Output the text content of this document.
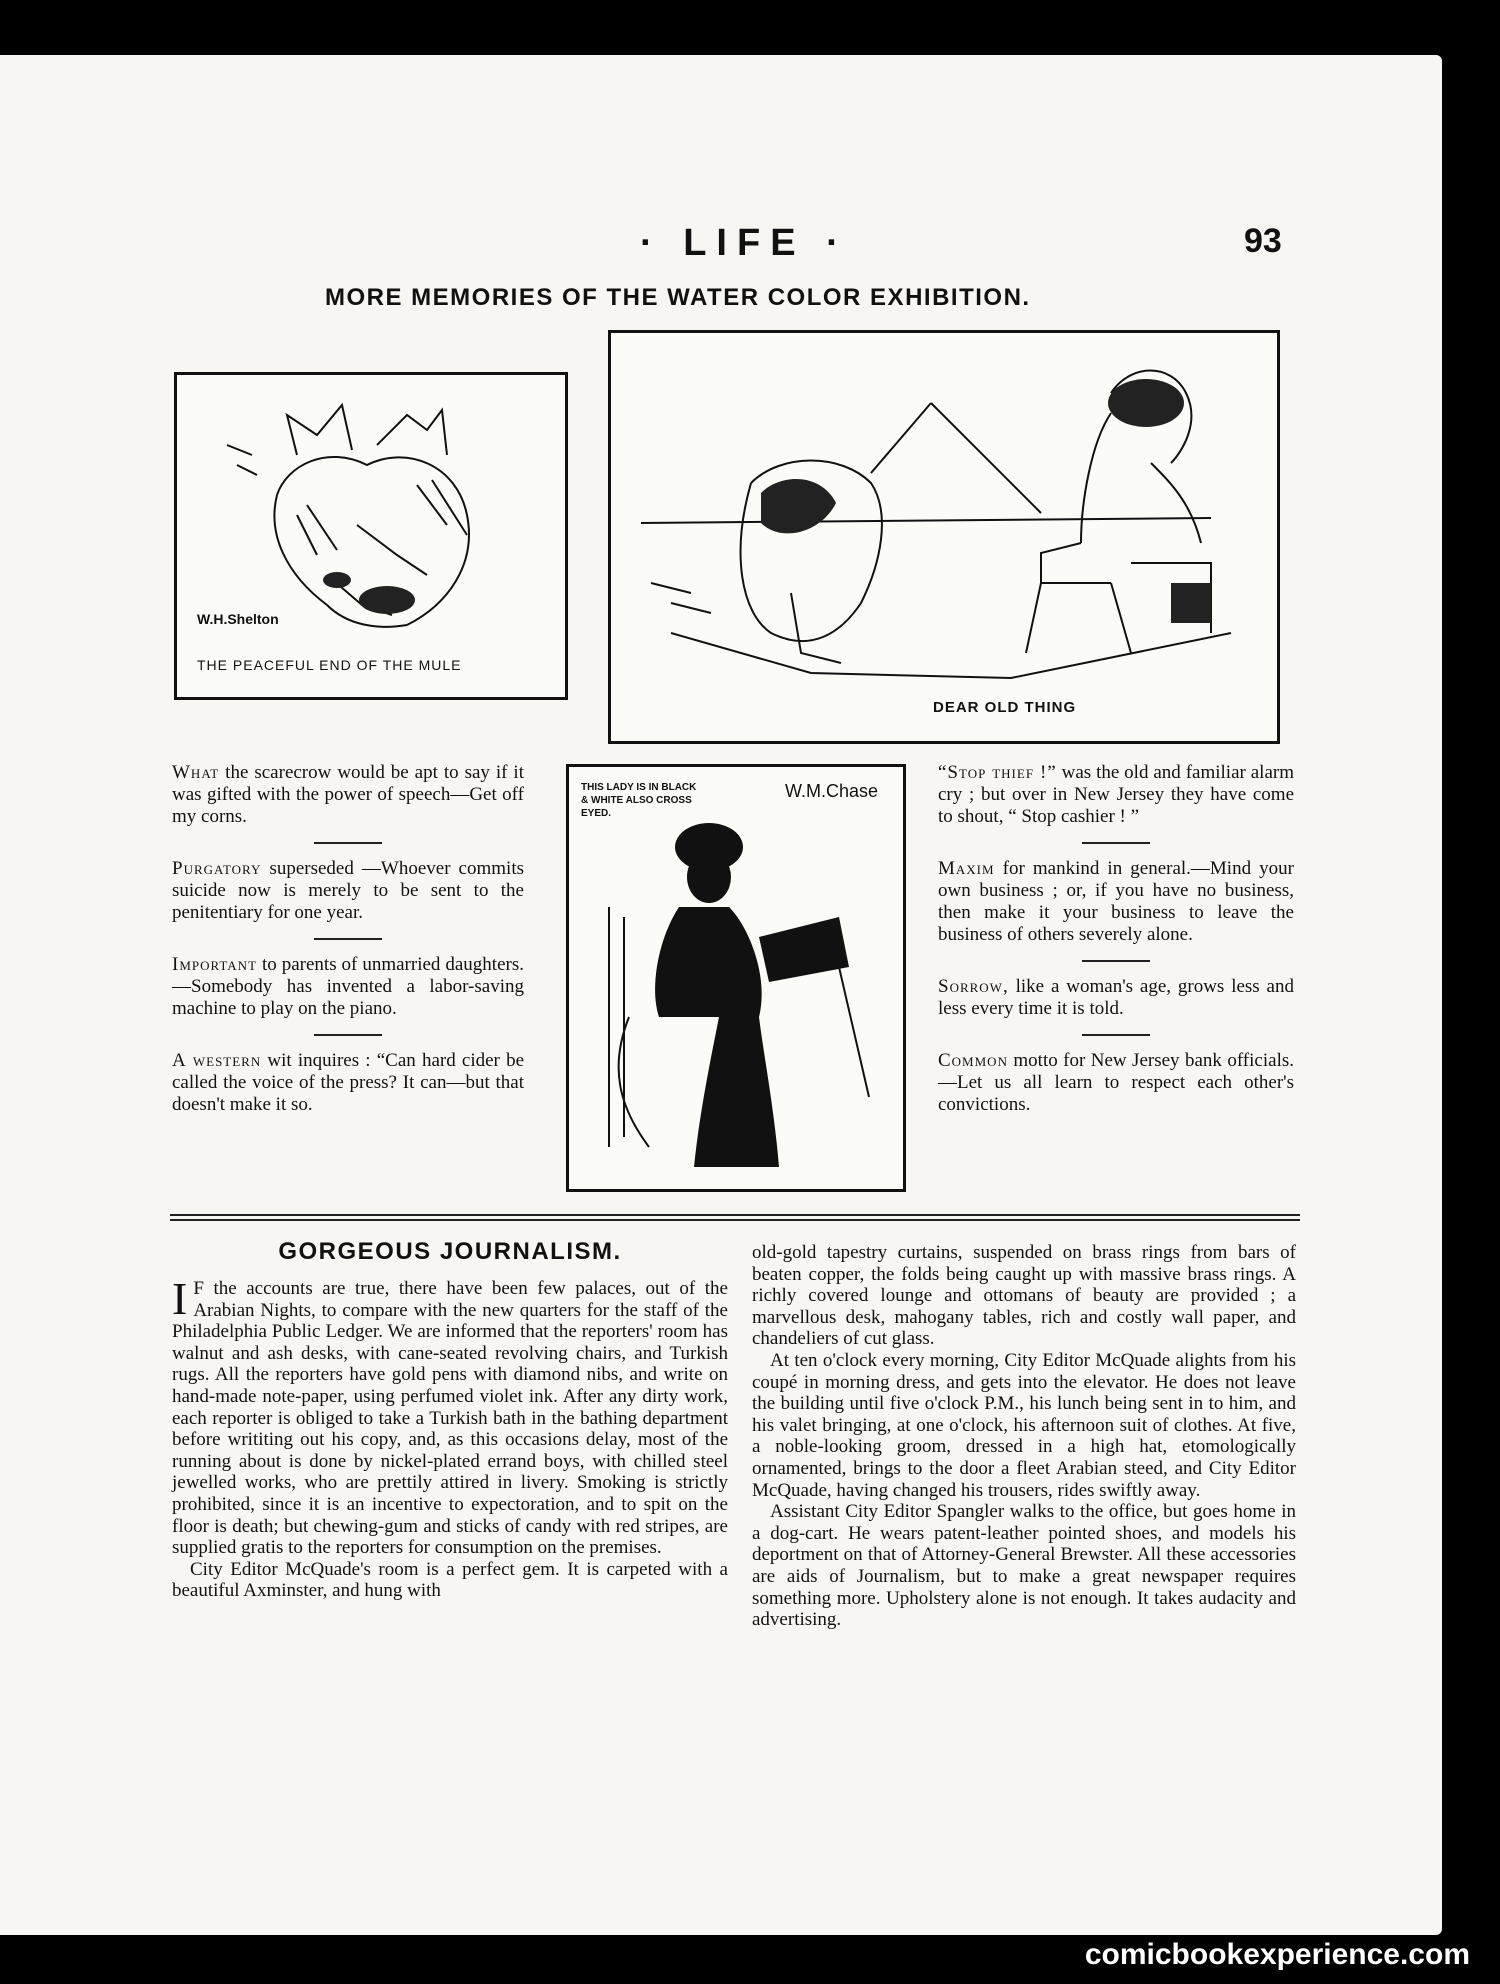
· LIFE ·	93
MORE MEMORIES OF THE WATER COLOR EXHIBITION.
W.H.Shelton
THE PEACEFUL END OF THE MULE
DEAR OLD THING

What the scarecrow would be apt to say if it was gifted with the power of speech—Get off my corns.

Purgatory superseded —Whoever commits suicide now is merely to be sent to the penitentiary for one year.

Important to parents of unmarried daughters.—Somebody has invented a labor-saving machine to play on the piano.

A western wit inquires : “Can hard cider be called the voice of the press? It can—but that doesn't make it so.

THIS LADY IS IN BLACK & WHITE ALSO CROSS EYED.
W.M.Chase

“Stop thief !” was the old and familiar alarm cry ; but over in New Jersey they have come to shout, “ Stop cashier ! ”

Maxim for mankind in general.—Mind your own business ; or, if you have no business, then make it your business to leave the business of others severely alone.

Sorrow, like a woman's age, grows less and less every time it is told.

Common motto for New Jersey bank officials.—Let us all learn to respect each other's convictions.

GORGEOUS JOURNALISM.

I F the accounts are true, there have been few palaces, out of the Arabian Nights, to compare with the new quarters for the staff of the Philadelphia Public Ledger. We are informed that the reporters' room has walnut and ash desks, with cane-seated revolving chairs, and Turkish rugs. All the reporters have gold pens with diamond nibs, and write on hand-made note-paper, using perfumed violet ink. After any dirty work, each reporter is obliged to take a Turkish bath in the bathing department before writiting out his copy, and, as this occasions delay, most of the running about is done by nickel-plated errand boys, with chilled steel jewelled works, who are prettily attired in livery. Smoking is strictly prohibited, since it is an incentive to expectoration, and to spit on the floor is death; but chewing-gum and sticks of candy with red stripes, are supplied gratis to the reporters for consumption on the premises.

City Editor McQuade's room is a perfect gem. It is carpeted with a beautiful Axminster, and hung with

old-gold tapestry curtains, suspended on brass rings from bars of beaten copper, the folds being caught up with massive brass rings. A richly covered lounge and ottomans of beauty are provided ; a marvellous desk, mahogany tables, rich and costly wall paper, and chandeliers of cut glass.

At ten o'clock every morning, City Editor McQuade alights from his coupé in morning dress, and gets into the elevator. He does not leave the building until five o'clock P.M., his lunch being sent in to him, and his valet bringing, at one o'clock, his afternoon suit of clothes. At five, a noble-looking groom, dressed in a high hat, etomologically ornamented, brings to the door a fleet Arabian steed, and City Editor McQuade, having changed his trousers, rides swiftly away.

Assistant City Editor Spangler walks to the office, but goes home in a dog-cart. He wears patent-leather pointed shoes, and models his deportment on that of Attorney-General Brewster. All these accessories are aids of Journalism, but to make a great newspaper requires something more. Upholstery alone is not enough. It takes audacity and advertising.

comicbookexperience.com
